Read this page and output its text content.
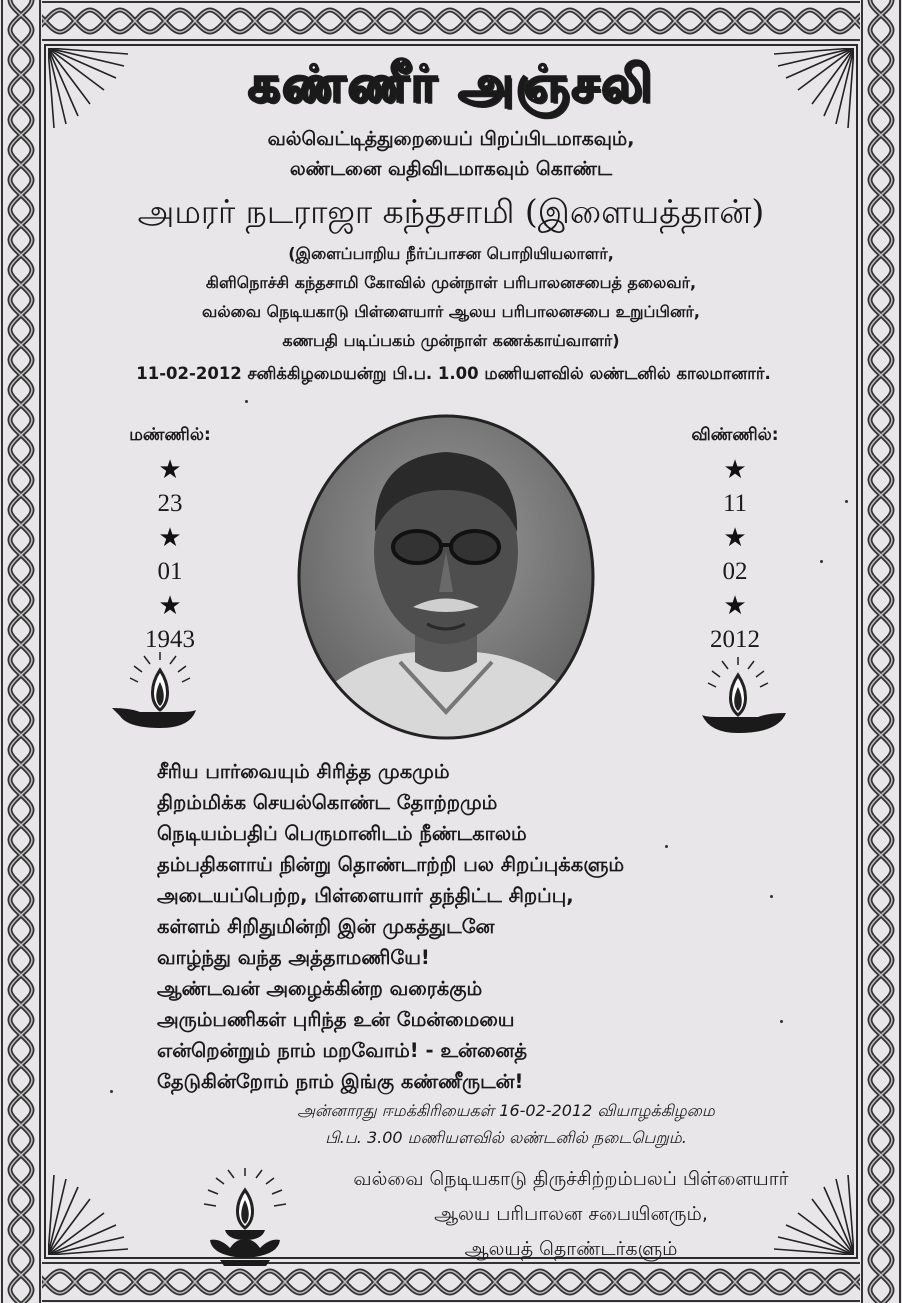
கண்ணீர் அஞ்சலி
வல்வெட்டித்துறையைப் பிறப்பிடமாகவும்,
லண்டனை வதிவிடமாகவும் கொண்ட
அமரர் நடராஜா கந்தசாமி (இளையத்தான்)
(இளைப்பாறிய நீர்ப்பாசன பொறியியலாளர்,
கிளிநொச்சி கந்தசாமி கோவில் முன்நாள் பரிபாலனசபைத் தலைவர்,
வல்வை நெடியகாடு பிள்ளையார் ஆலய பரிபாலனசபை உறுப்பினர்,
கணபதி படிப்பகம் முன்நாள் கணக்காய்வாளர்)
11-02-2012 சனிக்கிழமையன்று பி.ப. 1.00 மணியளவில் லண்டனில் காலமானார்.
மண்ணில்:
★
23
★
01
★
1943
விண்ணில்:
★
11
★
02
★
2012
சீரிய பார்வையும் சிரித்த முகமும்
திறம்மிக்க செயல்கொண்ட தோற்றமும்
நெடியம்பதிப் பெருமானிடம் நீண்டகாலம்
தம்பதிகளாய் நின்று தொண்டாற்றி பல சிறப்புக்களும்
அடையப்பெற்ற, பிள்ளையார் தந்திட்ட சிறப்பு,
கள்ளம் சிறிதுமின்றி இன் முகத்துடனே
வாழ்ந்து வந்த அத்தாமணியே!
ஆண்டவன் அழைக்கின்ற வரைக்கும்
அரும்பணிகள் புரிந்த உன் மேன்மையை
என்றென்றும் நாம் மறவோம்! - உன்னைத்
தேடுகின்றோம் நாம் இங்கு கண்ணீருடன்!
அன்னாரது ஈமக்கிரியைகள் 16-02-2012 வியாழக்கிழமை
பி.ப. 3.00 மணியளவில் லண்டனில் நடைபெறும்.
வல்வை நெடியகாடு திருச்சிற்றம்பலப் பிள்ளையார்
ஆலய பரிபாலன சபையினரும்,
ஆலயத் தொண்டர்களும்
